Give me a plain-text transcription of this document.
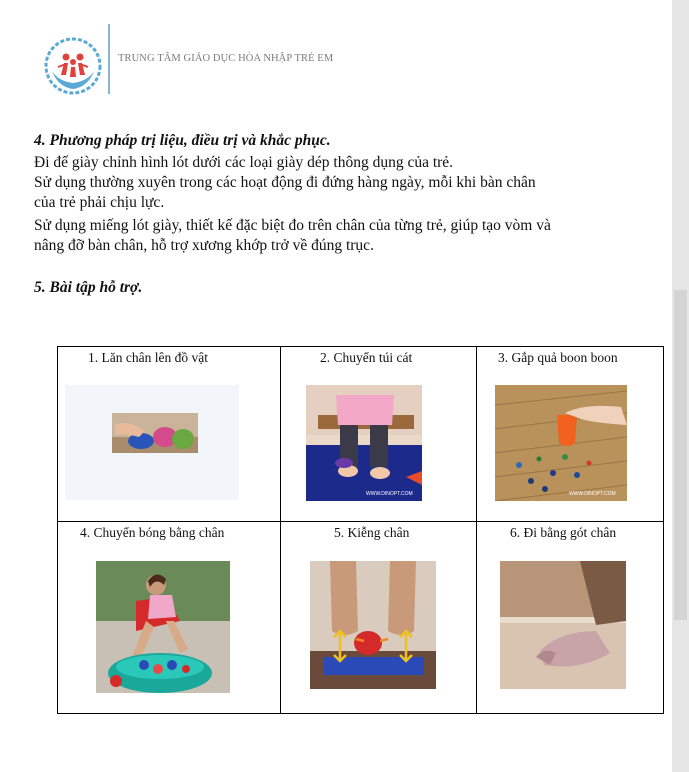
TRUNG TÂM GIÁO DỤC HÒA NHẬP TRẺ EM
4. Phương pháp trị liệu, điều trị và khắc phục.
Đi đế giày chỉnh hình lót dưới các loại giày dép thông dụng của trẻ.
Sử dụng thường xuyên trong các hoạt động đi đứng hàng ngày, mỗi khi bàn chân
của trẻ phải chịu lực.
Sử dụng miếng lót giày, thiết kế đặc biệt đo trên chân của từng trẻ, giúp tạo vòm và
nâng đỡ bàn chân, hỗ trợ xương khớp trở về đúng trục.
5. Bài tập hỗ trợ.
1. Lăn chân lên đồ vật	2. Chuyển túi cát	3. Gắp quả boon boon
WWW.DINOPT.COM	WWW.DINOPT.COM
4. Chuyển bóng bằng chân	5. Kiễng chân	6. Đi bằng gót chân
